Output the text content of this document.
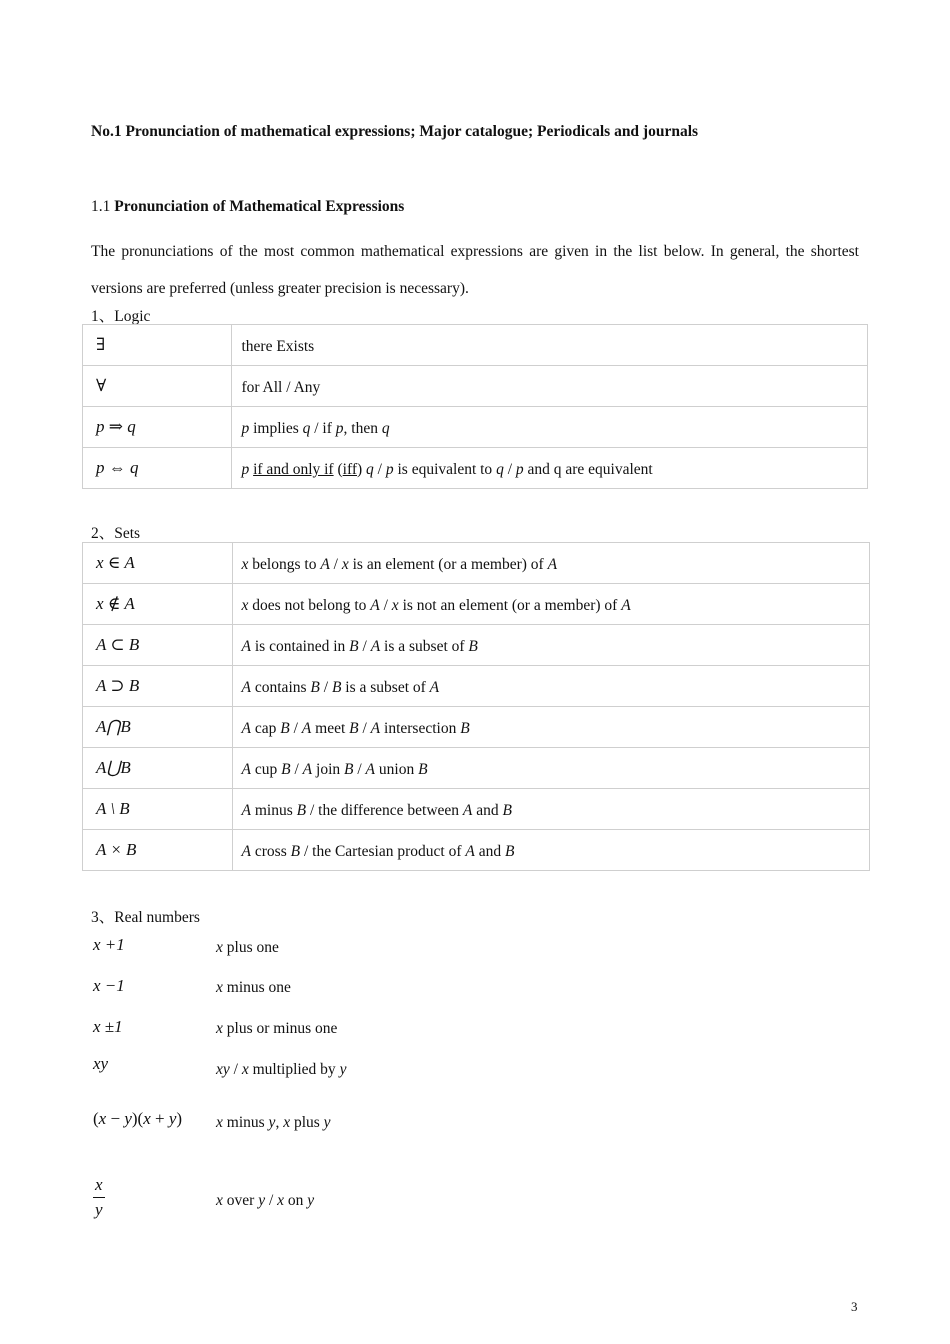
No.1 Pronunciation of mathematical expressions; Major catalogue; Periodicals and journals
1.1 Pronunciation of Mathematical Expressions
The pronunciations of the most common mathematical expressions are given in the list below. In general, the shortest versions are preferred (unless greater precision is necessary).
1、Logic
∃	there Exists
∀	for All / Any
p ⇒ q	p implies q / if p, then q
p ⇔ q	p if and only if (iff) q / p is equivalent to q / p and q are equivalent
2、Sets
x ∈ A	x belongs to A / x is an element (or a member) of A
x ∉ A	x does not belong to A / x is not an element (or a member) of A
A ⊂ B	A is contained in B / A is a subset of B
A ⊃ B	A contains B / B is a subset of A
A⋂B	A cap B / A meet B / A intersection B
A⋃B	A cup B / A join B / A union B
A \ B	A minus B / the difference between A and B
A × B	A cross B / the Cartesian product of A and B
3、Real numbers
x +1	x plus one
x −1	x minus one
x ±1	x plus or minus one
xy	xy / x multiplied by y
(x − y)(x + y) x minus y, x plus y
$\frac{x}{y}$	x over y / x on y
3
